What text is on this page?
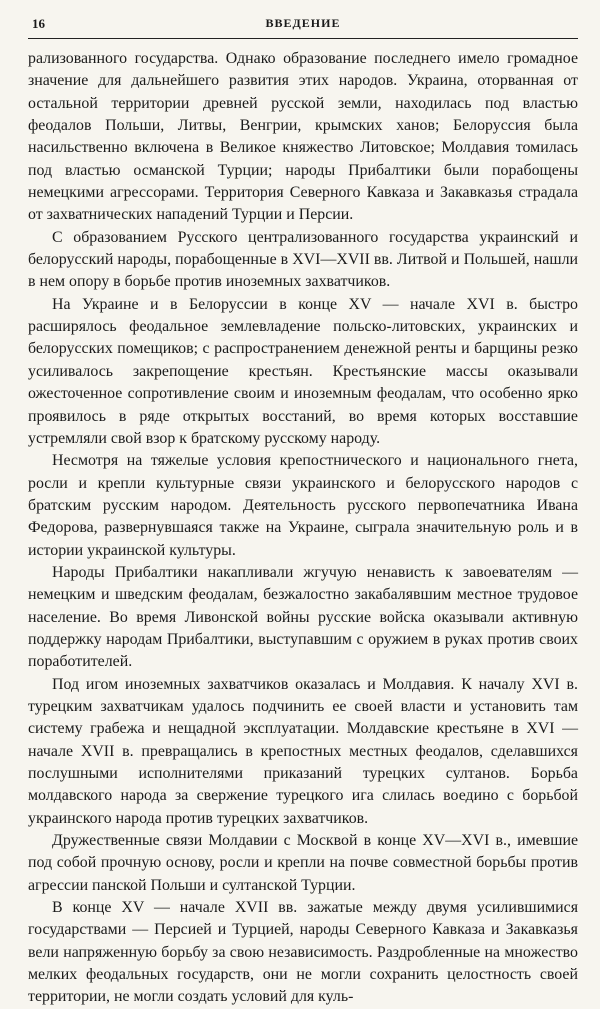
16	ВВЕДЕНИЕ

рализованного государства. Однако образование последнего имело громадное значение для дальнейшего развития этих народов. Украина, оторванная от остальной территории древней русской земли, находилась под властью феодалов Польши, Литвы, Венгрии, крымских ханов; Белоруссия была насильственно включена в Великое княжество Литовское; Молдавия томилась под властью османской Турции; народы Прибалтики были порабощены немецкими агрессорами. Территория Северного Кавказа и Закавказья страдала от захватнических нападений Турции и Персии.

С образованием Русского централизованного государства украинский и белорусский народы, порабощенные в XVI—XVII вв. Литвой и Польшей, нашли в нем опору в борьбе против иноземных захватчиков.

На Украине и в Белоруссии в конце XV — начале XVI в. быстро расширялось феодальное землевладение польско-литовских, украинских и белорусских помещиков; с распространением денежной ренты и барщины резко усиливалось закрепощение крестьян. Крестьянские массы оказывали ожесточенное сопротивление своим и иноземным феодалам, что особенно ярко проявилось в ряде открытых восстаний, во время которых восставшие устремляли свой взор к братскому русскому народу.

Несмотря на тяжелые условия крепостнического и национального гнета, росли и крепли культурные связи украинского и белорусского народов с братским русским народом. Деятельность русского первопечатника Ивана Федорова, развернувшаяся также на Украине, сыграла значительную роль и в истории украинской культуры.

Народы Прибалтики накапливали жгучую ненависть к завоевателям — немецким и шведским феодалам, безжалостно закабалявшим местное трудовое население. Во время Ливонской войны русские войска оказывали активную поддержку народам Прибалтики, выступавшим с оружием в руках против своих поработителей.

Под игом иноземных захватчиков оказалась и Молдавия. К началу XVI в. турецким захватчикам удалось подчинить ее своей власти и установить там систему грабежа и нещадной эксплуатации. Молдавские крестьяне в XVI — начале XVII в. превращались в крепостных местных феодалов, сделавшихся послушными исполнителями приказаний турецких султанов. Борьба молдавского народа за свержение турецкого ига слилась воедино с борьбой украинского народа против турецких захватчиков.

Дружественные связи Молдавии с Москвой в конце XV—XVI в., имевшие под собой прочную основу, росли и крепли на почве совместной борьбы против агрессии панской Польши и султанской Турции.

В конце XV — начале XVII вв. зажатые между двумя усилившимися государствами — Персией и Турцией, народы Северного Кавказа и Закавказья вели напряженную борьбу за свою независимость. Раздробленные на множество мелких феодальных государств, они не могли сохранить целостность своей территории, не могли создать условий для куль-
